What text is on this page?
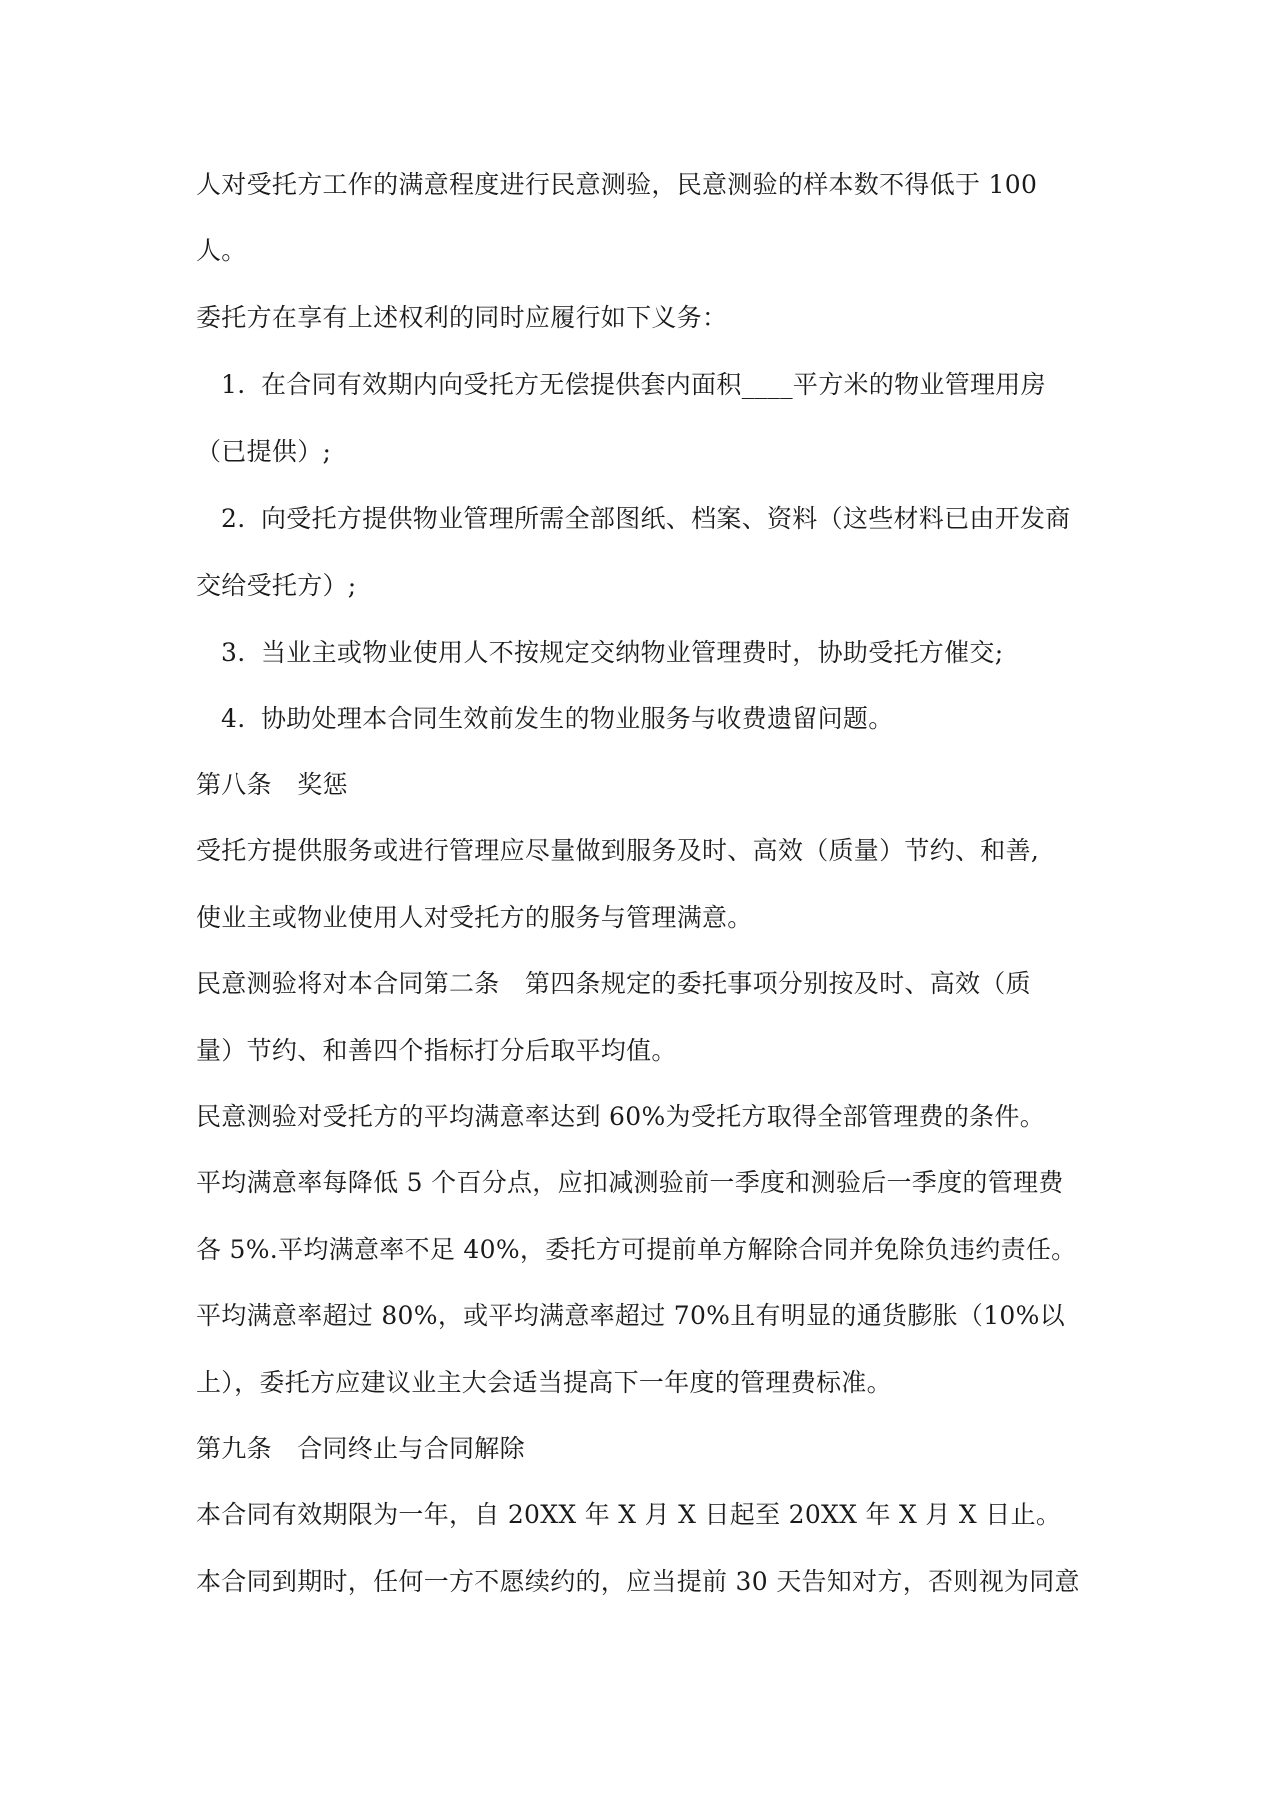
人对受托方工作的满意程度进行民意测验，民意测验的样本数不得低于 100
人。
委托方在享有上述权利的同时应履行如下义务：
1. 在合同有效期内向受托方无偿提供套内面积____平方米的物业管理用房
（已提供）;
2. 向受托方提供物业管理所需全部图纸、档案、资料（这些材料已由开发商
交给受托方）;
3. 当业主或物业使用人不按规定交纳物业管理费时，协助受托方催交;
4. 协助处理本合同生效前发生的物业服务与收费遗留问题。
第八条　奖惩
受托方提供服务或进行管理应尽量做到服务及时、高效（质量）节约、和善,
使业主或物业使用人对受托方的服务与管理满意。
民意测验将对本合同第二条　第四条规定的委托事项分别按及时、高效（质
量）节约、和善四个指标打分后取平均值。
民意测验对受托方的平均满意率达到 60%为受托方取得全部管理费的条件。
平均满意率每降低 5 个百分点，应扣减测验前一季度和测验后一季度的管理费
各 5%.平均满意率不足 40%，委托方可提前单方解除合同并免除负违约责任。
平均满意率超过 80%，或平均满意率超过 70%且有明显的通货膨胀（10%以
上），委托方应建议业主大会适当提高下一年度的管理费标准。
第九条　合同终止与合同解除
本合同有效期限为一年，自 20XX 年 X 月 X 日起至 20XX 年 X 月 X 日止。
本合同到期时，任何一方不愿续约的，应当提前 30 天告知对方，否则视为同意
